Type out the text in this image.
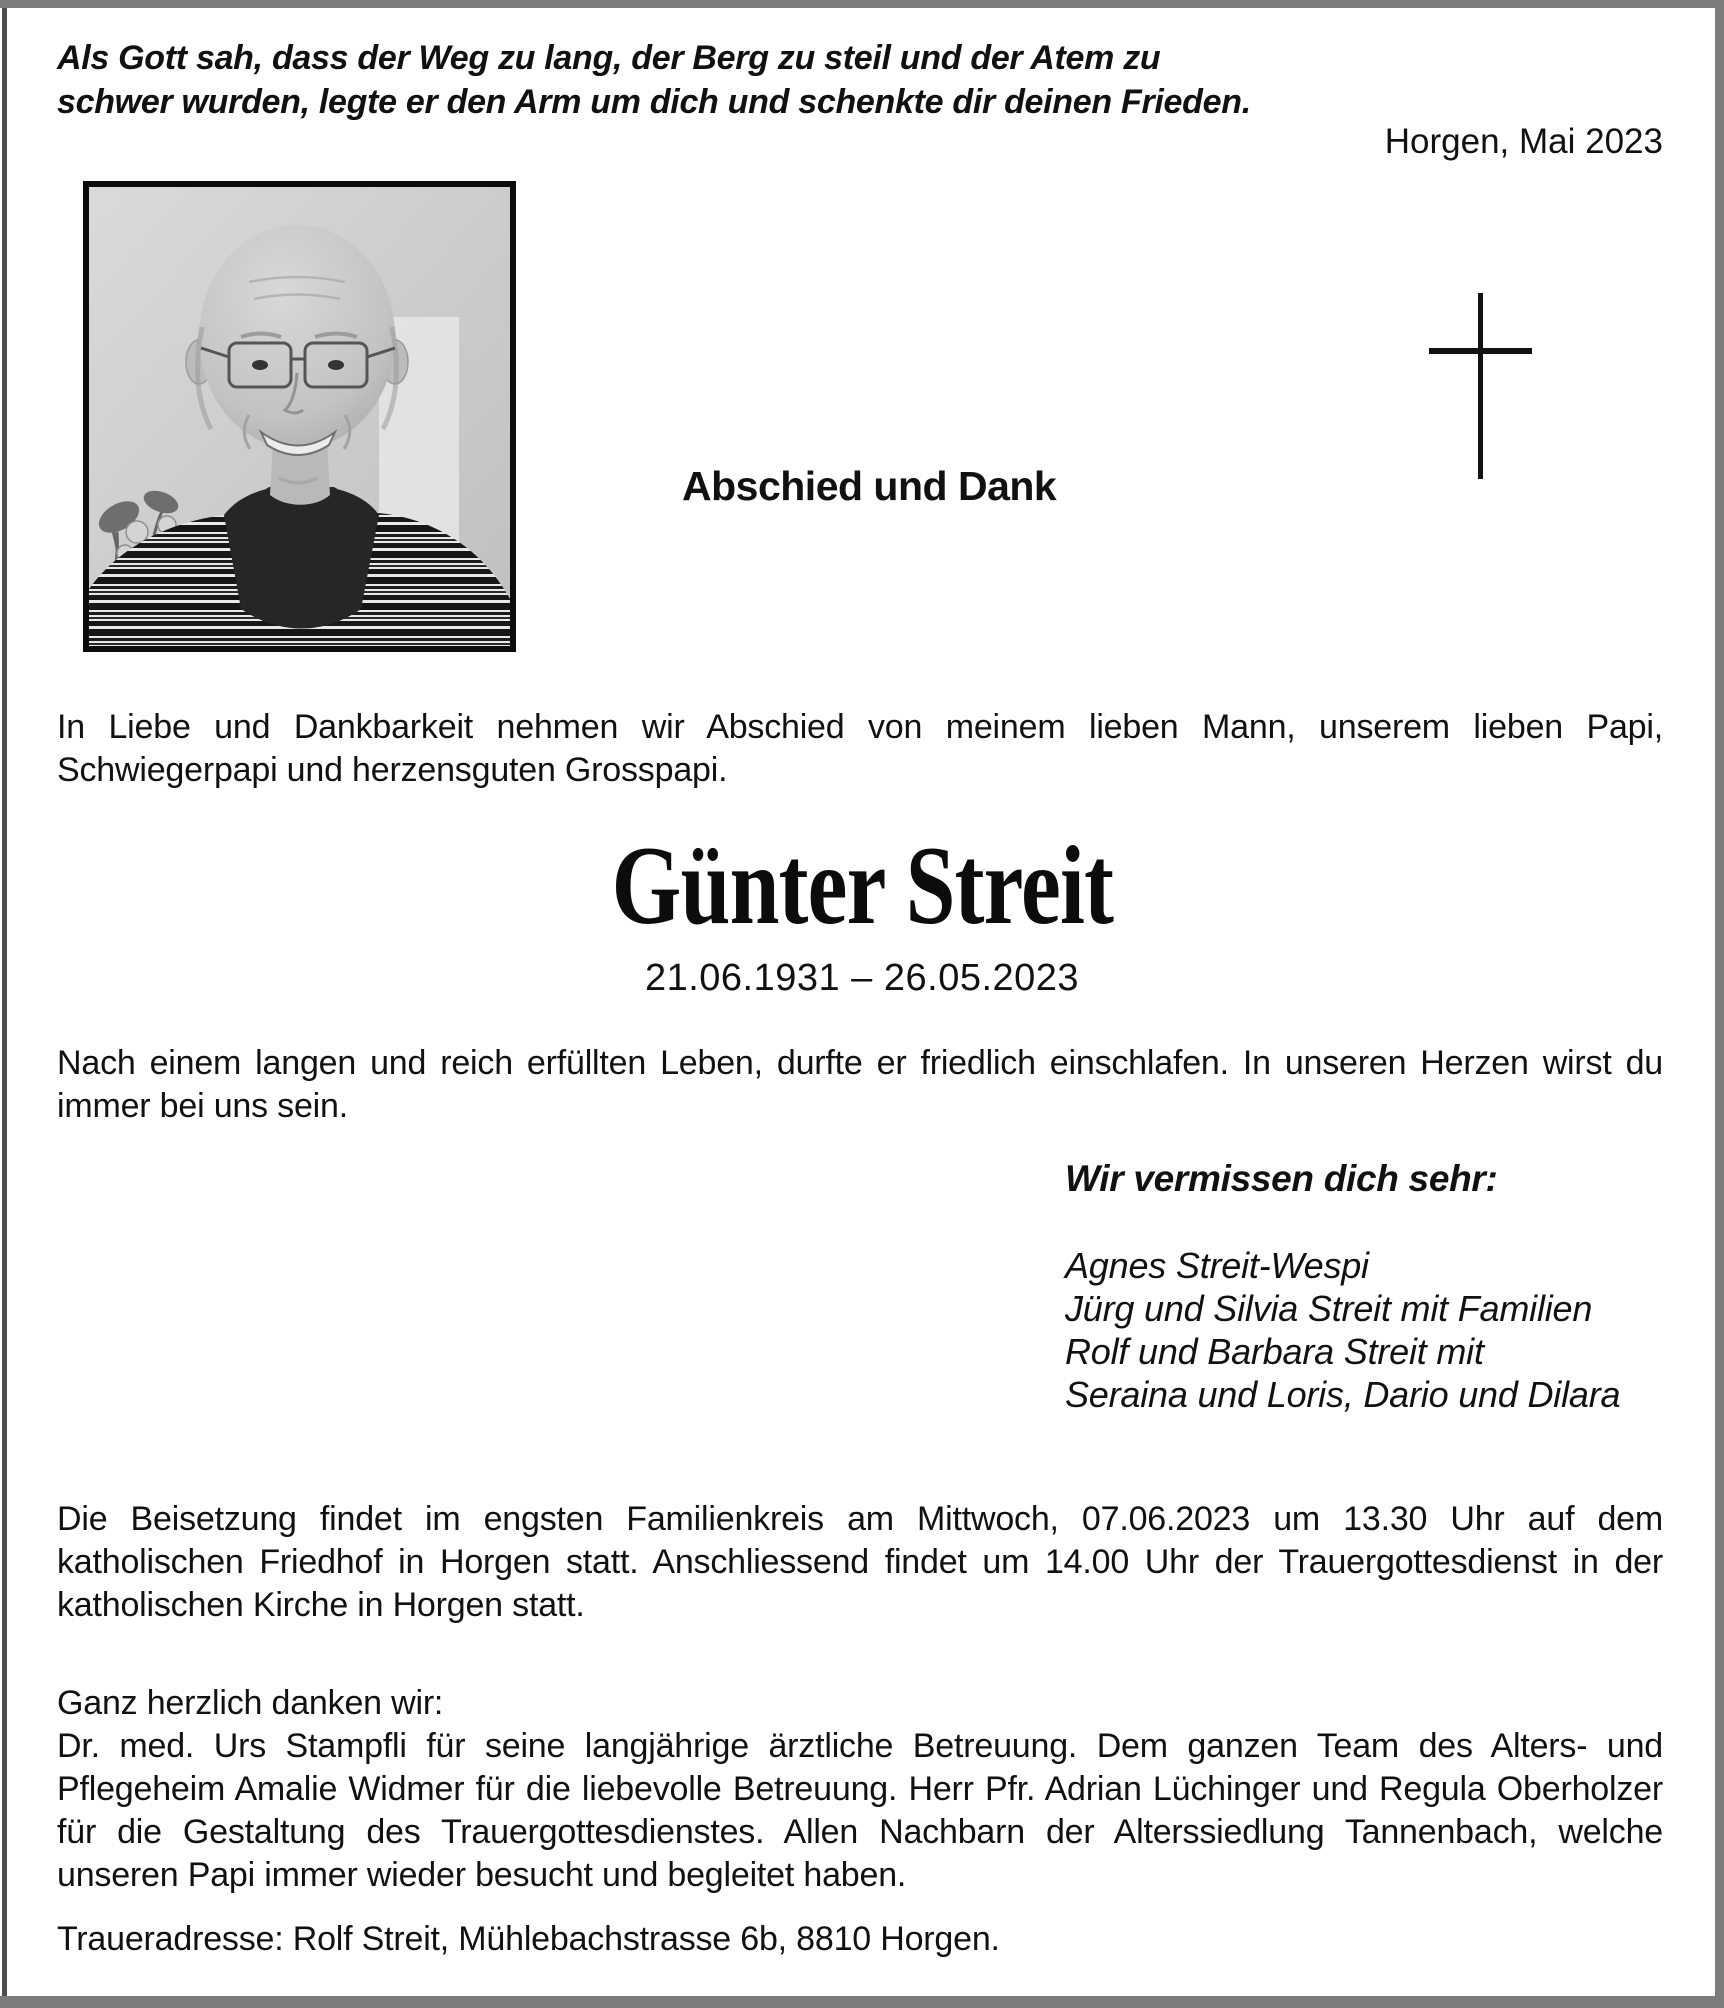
Als Gott sah, dass der Weg zu lang, der Berg zu steil und der Atem zu
schwer wurden, legte er den Arm um dich und schenkte dir deinen Frieden.
Horgen, Mai 2023
Abschied und Dank
In Liebe und Dankbarkeit nehmen wir Abschied von meinem lieben Mann, unserem lieben Papi, Schwiegerpapi und herzensguten Grosspapi.
Günter Streit
21.06.1931 – 26.05.2023
Nach einem langen und reich erfüllten Leben, durfte er friedlich einschlafen. In unseren Herzen wirst du immer bei uns sein.
Wir vermissen dich sehr:
Agnes Streit-Wespi
Jürg und Silvia Streit mit Familien
Rolf und Barbara Streit mit
Seraina und Loris, Dario und Dilara
Die Beisetzung findet im engsten Familienkreis am Mittwoch, 07.06.2023 um 13.30 Uhr auf dem katholischen Friedhof in Horgen statt. Anschliessend findet um 14.00 Uhr der Trauergottesdienst in der katholischen Kirche in Horgen statt.
Ganz herzlich danken wir:
Dr. med. Urs Stampfli für seine langjährige ärztliche Betreuung. Dem ganzen Team des Alters- und Pflegeheim Amalie Widmer für die liebevolle Betreuung. Herr Pfr. Adrian Lüchinger und Regula Oberholzer für die Gestaltung des Trauergottesdienstes. Allen Nachbarn der Alterssiedlung Tannenbach, welche unseren Papi immer wieder besucht und begleitet haben.
Traueradresse: Rolf Streit, Mühlebachstrasse 6b, 8810 Horgen.
